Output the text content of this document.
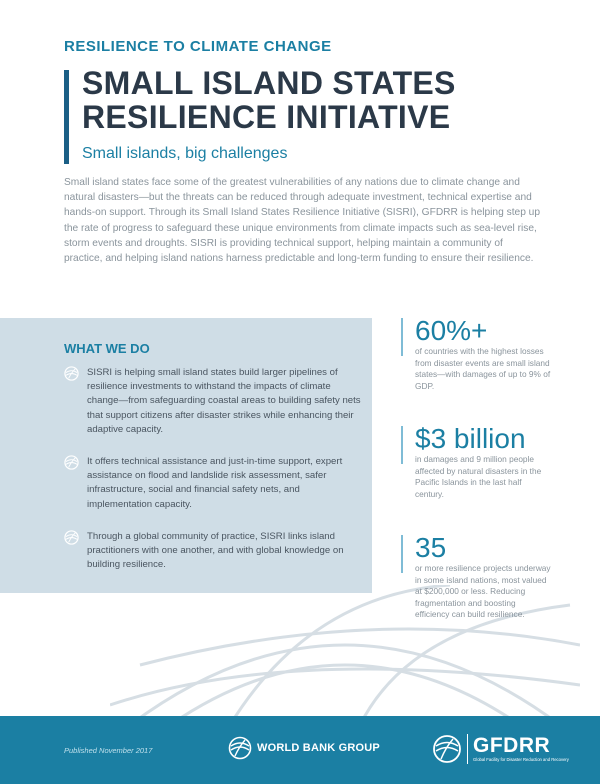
RESILIENCE TO CLIMATE CHANGE
SMALL ISLAND STATES RESILIENCE INITIATIVE
Small islands, big challenges

Small island states face some of the greatest vulnerabilities of any nations due to climate change and natural disasters—but the threats can be reduced through adequate investment, technical expertise and hands-on support. Through its Small Island States Resilience Initiative (SISRI), GFDRR is helping step up the rate of progress to safeguard these unique environments from climate impacts such as sea-level rise, storm events and droughts. SISRI is providing technical support, helping maintain a community of practice, and helping island nations harness predictable and long-term funding to ensure their resilience.

WHAT WE DO
SISRI is helping small island states build larger pipelines of resilience investments to withstand the impacts of climate change—from safeguarding coastal areas to building safety nets that support citizens after disaster strikes while enhancing their adaptive capacity.
It offers technical assistance and just-in-time support, expert assistance on flood and landslide risk assessment, safer infrastructure, social and financial safety nets, and implementation capacity.
Through a global community of practice, SISRI links island practitioners with one another, and with global knowledge on building resilience.
60%+
of countries with the highest losses from disaster events are small island states—with damages of up to 9% of GDP.
$3 billion
in damages and 9 million people affected by natural disasters in the Pacific Islands in the last half century.
35
or more resilience projects underway in some island nations, most valued at $200,000 or less. Reducing fragmentation and boosting efficiency can build resilience.
Published November 2017	WORLD BANK GROUP	GFDRR
Global Facility for Disaster Reduction and Recovery
